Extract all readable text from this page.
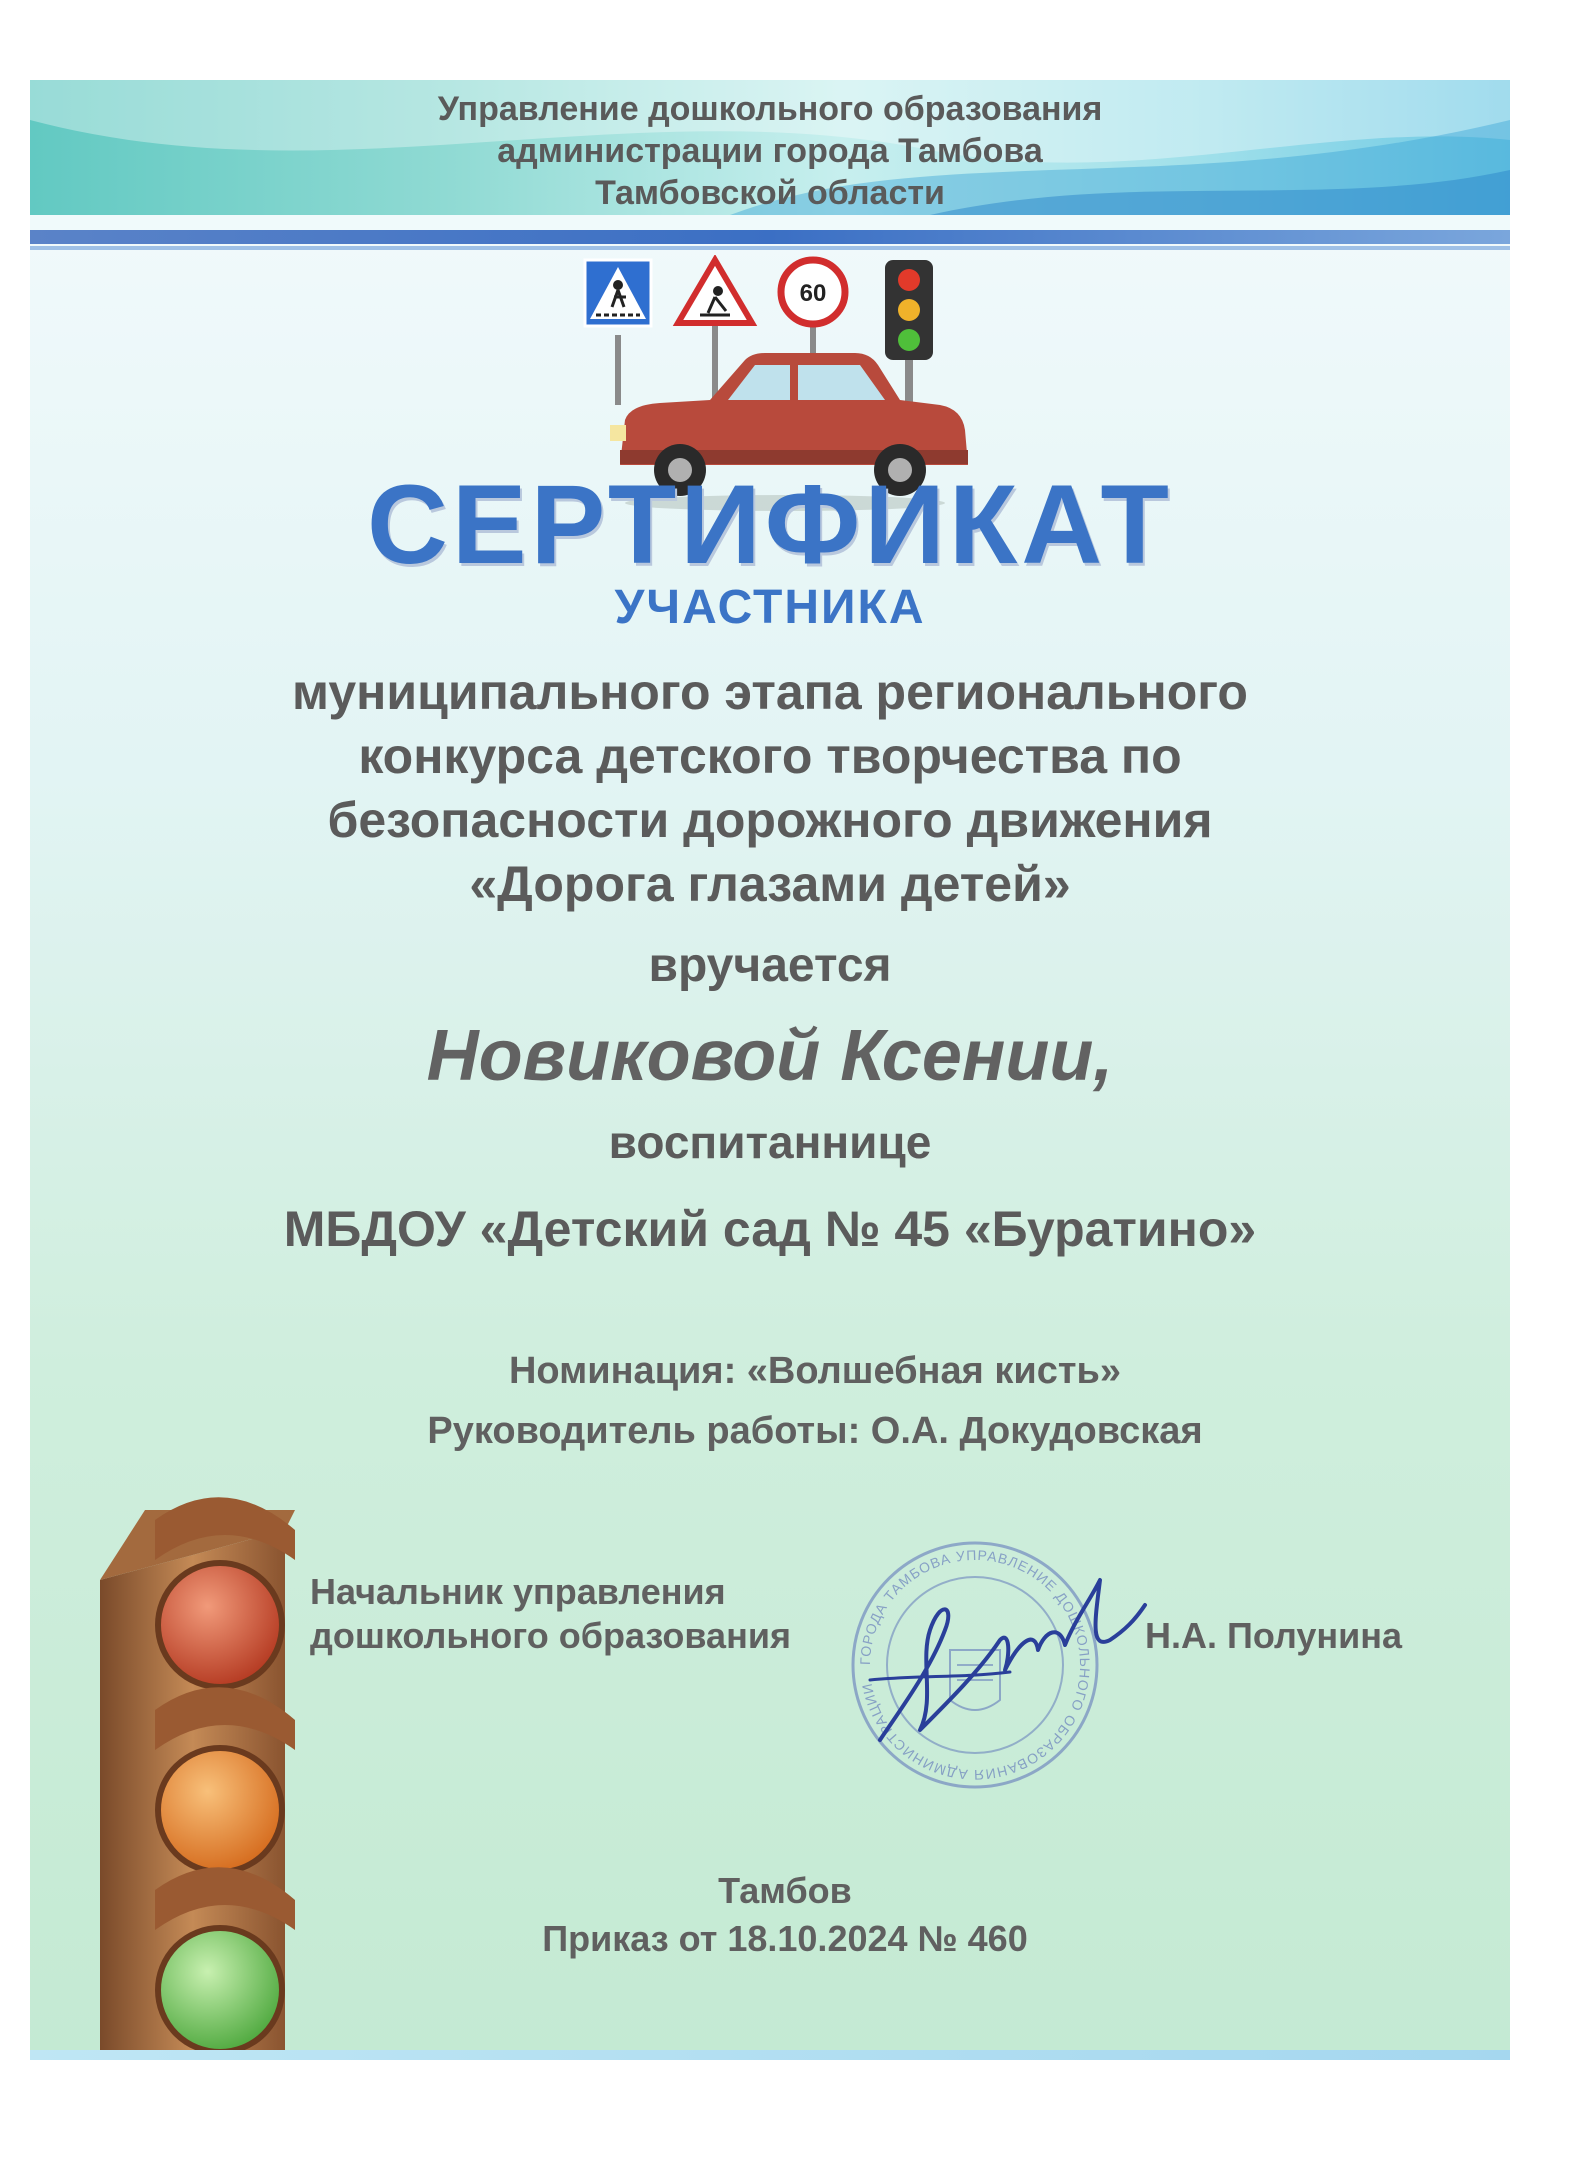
Управление дошкольного образования
администрации города Тамбова
Тамбовской области
60
СЕРТИФИКАТ
УЧАСТНИКА
муниципального этапа регионального
конкурса детского творчества по
безопасности дорожного движения
«Дорога глазами детей»
вручается
Новиковой Ксении,
воспитаннице
МБДОУ «Детский сад № 45 «Буратино»
Номинация: «Волшебная кисть»
Руководитель работы: О.А. Докудовская
Начальник управления
дошкольного образования
ГОРОДА ТАМБОВА УПРАВЛЕНИЕ ДОШКОЛЬНОГО ОБРАЗОВАНИЯ АДМИНИСТРАЦИИ
Н.А. Полунина
Тамбов
Приказ от 18.10.2024 № 460
